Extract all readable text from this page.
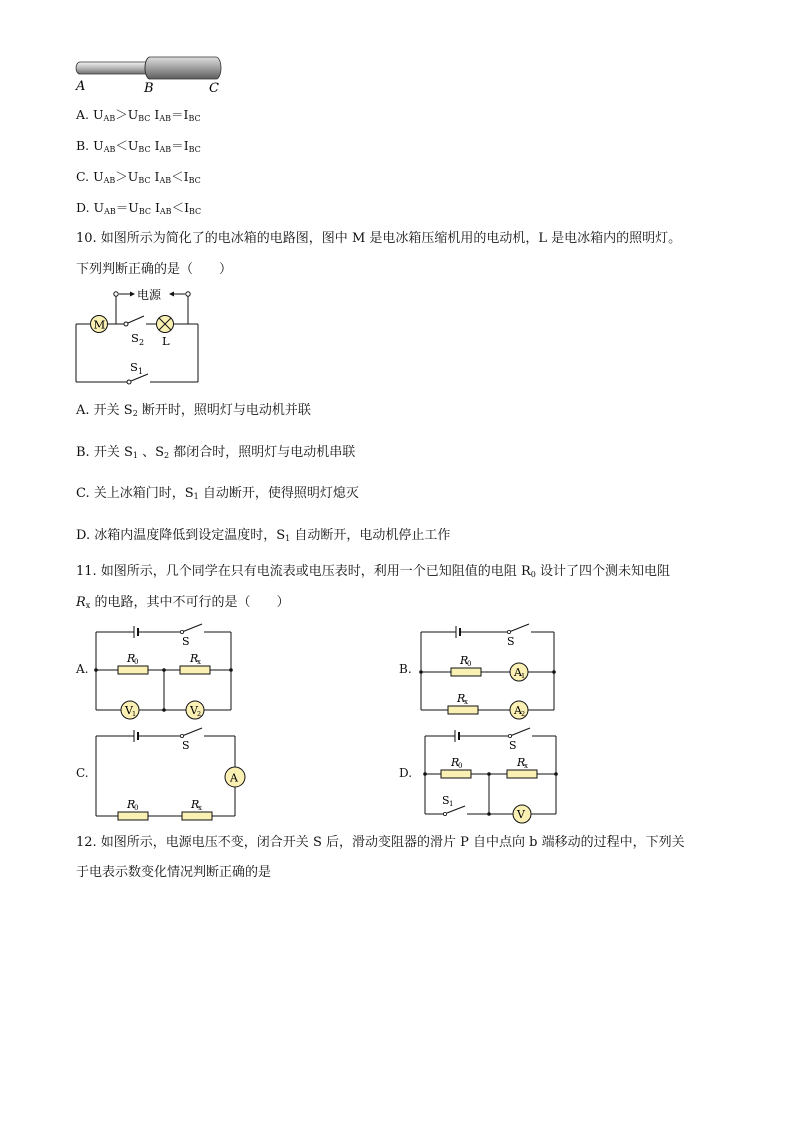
A	B	C
A. $U_{AB}>U_{BC}$ $I_{AB}=I_{BC}$
B. $U_{AB}<U_{BC}$ $I_{AB}=I_{BC}$
C. $U_{AB}>U_{BC}$ $I_{AB}<I_{BC}$
D. $U_{AB}=U_{BC}$ $I_{AB}<I_{BC}$
10. 如图所示为简化了的电冰箱的电路图，图中 M 是电冰箱压缩机用的电动机，L 是电冰箱内的照明灯。
下列判断正确的是（　　）
电源
M
S 2 L
S 1
A. 开关 $S_2$ 断开时，照明灯与电动机并联
B. 开关 $S_1$ 、$S_2$ 都闭合时，照明灯与电动机串联
C. 关上冰箱门时，$S_1$ 自动断开，使得照明灯熄灭
D. 冰箱内温度降低到设定温度时，$S_1$ 自动断开，电动机停止工作
11. 如图所示，几个同学在只有电流表或电压表时，利用一个已知阻值的电阻 $R_0$ 设计了四个测未知电阻
$R_x$ 的电路，其中不可行的是（　　）
A.
S
R
0	R
x
V 1	V 2
B.
S
R
0
R
x
A 1
A 2
C.
S
A
R
0	R
x
D.
S
R
0	R
x
S 1
V
12. 如图所示，电源电压不变，闭合开关 S 后，滑动变阻器的滑片 P 自中点向 b 端移动的过程中，下列关
于电表示数变化情况判断正确的是
